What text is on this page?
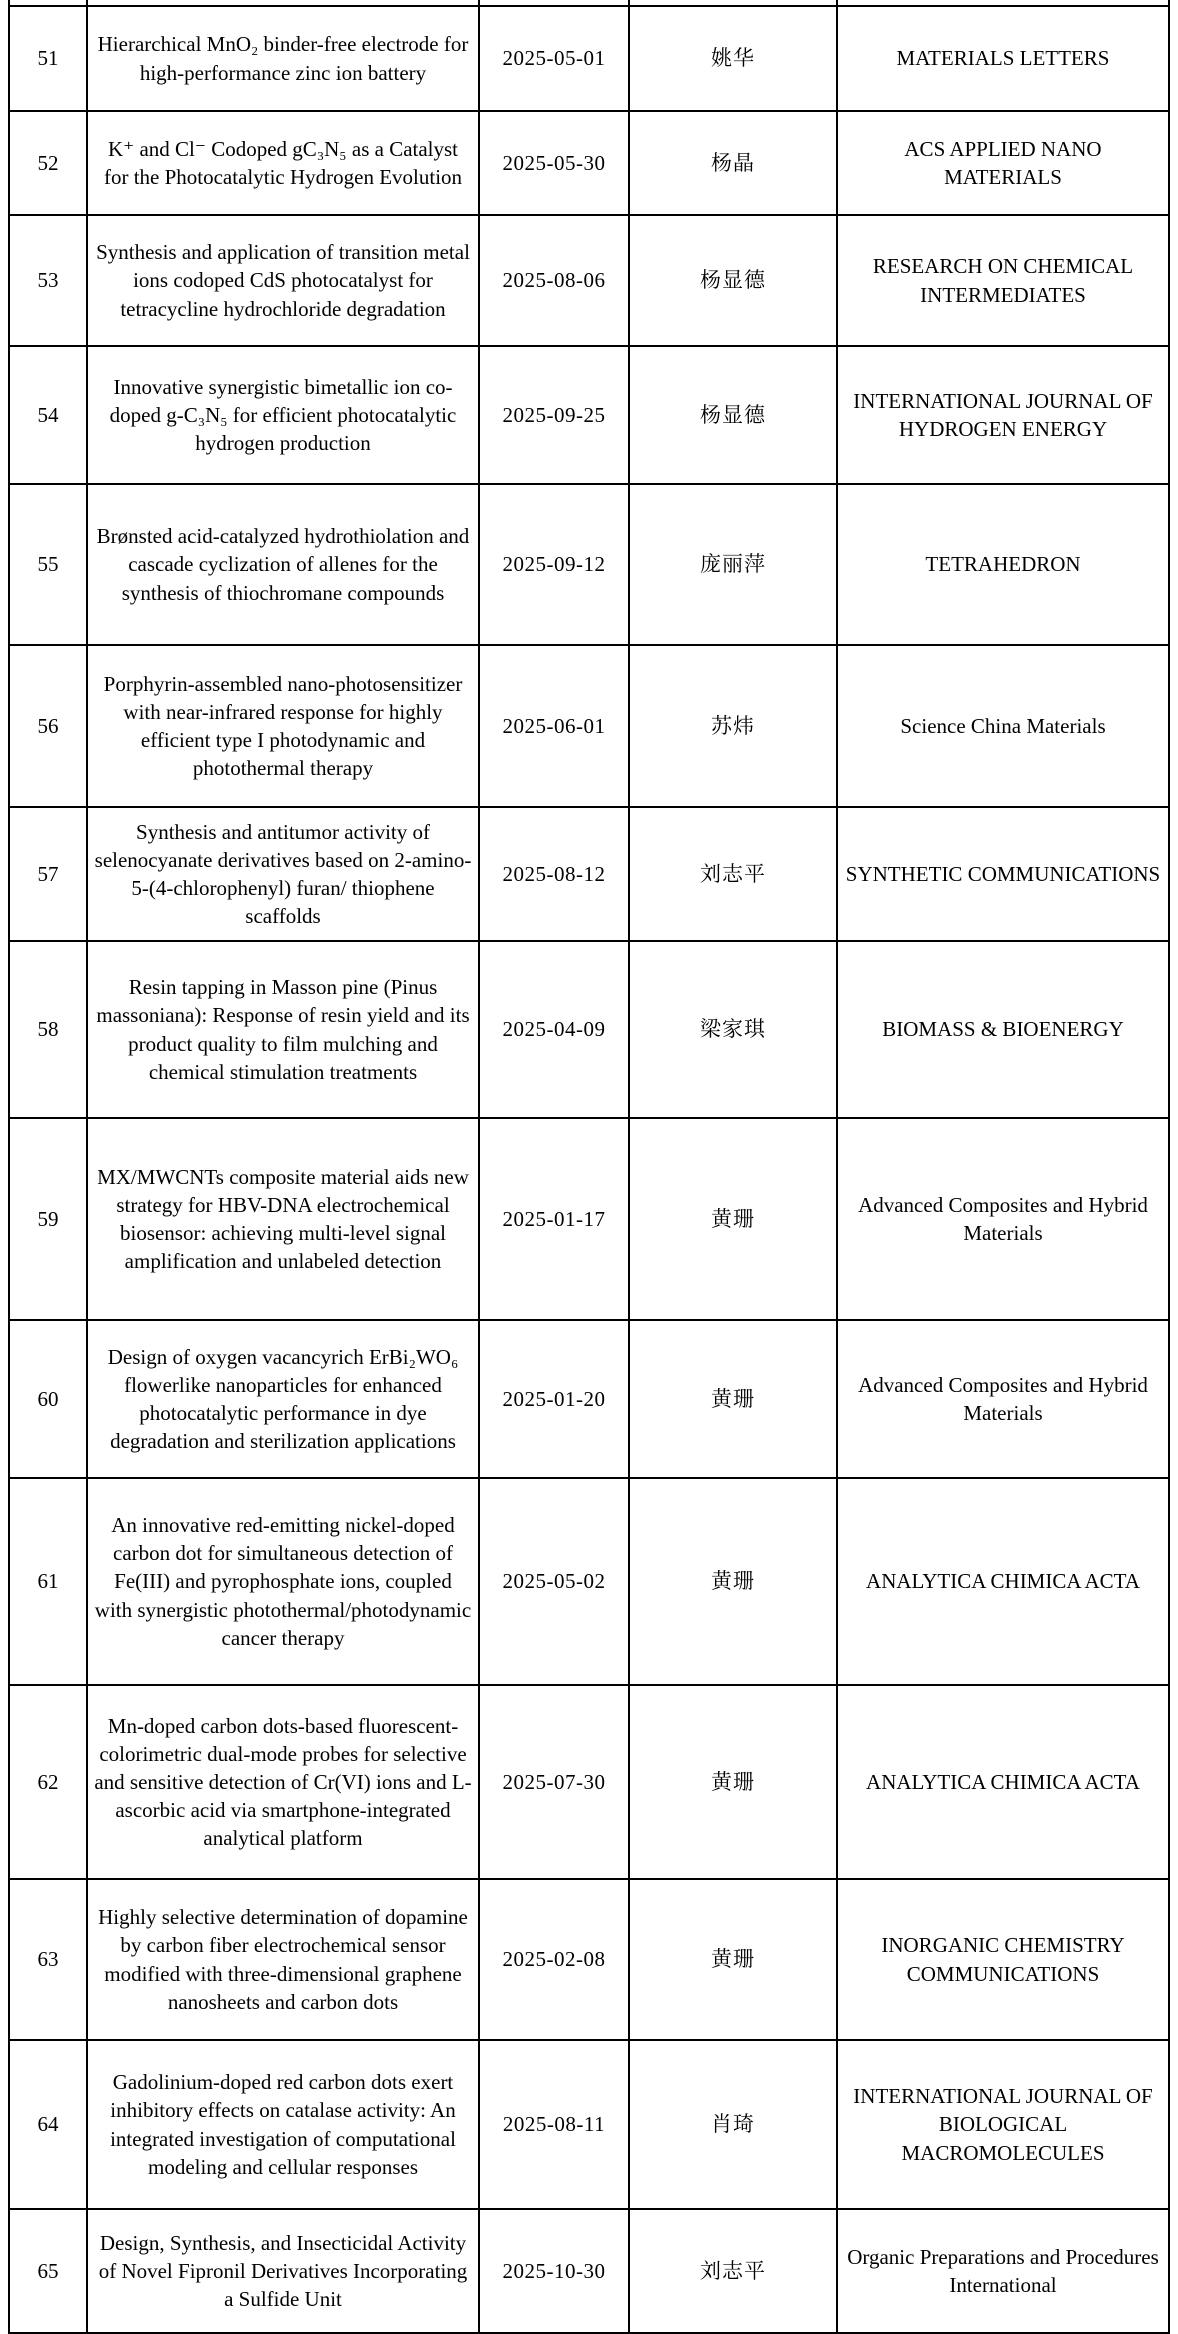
51	Hierarchical MnO₂ binder-free electrode for high-performance zinc ion battery	2025-05-01	姚华	MATERIALS LETTERS
52	K⁺ and Cl⁻ Codoped gC₃N₅ as a Catalyst for the Photocatalytic Hydrogen Evolution	2025-05-30	杨晶	ACS APPLIED NANO MATERIALS
53	Synthesis and application of transition metal ions codoped CdS photocatalyst for tetracycline hydrochloride degradation	2025-08-06	杨显德	RESEARCH ON CHEMICAL INTERMEDIATES
54	Innovative synergistic bimetallic ion co-doped g-C₃N₅ for efficient photocatalytic hydrogen production	2025-09-25	杨显德	INTERNATIONAL JOURNAL OF HYDROGEN ENERGY
55	Brønsted acid-catalyzed hydrothiolation and cascade cyclization of allenes for the synthesis of thiochromane compounds	2025-09-12	庞丽萍	TETRAHEDRON
56	Porphyrin-assembled nano-photosensitizer with near-infrared response for highly efficient type I photodynamic and photothermal therapy	2025-06-01	苏炜	Science China Materials
57	Synthesis and antitumor activity of selenocyanate derivatives based on 2-amino-5-(4-chlorophenyl) furan/ thiophene scaffolds	2025-08-12	刘志平	SYNTHETIC COMMUNICATIONS
58	Resin tapping in Masson pine (Pinus massoniana): Response of resin yield and its product quality to film mulching and chemical stimulation treatments	2025-04-09	梁家琪	BIOMASS & BIOENERGY
59	MX/MWCNTs composite material aids new strategy for HBV-DNA electrochemical biosensor: achieving multi-level signal amplification and unlabeled detection	2025-01-17	黄珊	Advanced Composites and Hybrid Materials
60	Design of oxygen vacancyrich ErBi₂WO₆ flowerlike nanoparticles for enhanced photocatalytic performance in dye degradation and sterilization applications	2025-01-20	黄珊	Advanced Composites and Hybrid Materials
61	An innovative red-emitting nickel-doped carbon dot for simultaneous detection of Fe(III) and pyrophosphate ions, coupled with synergistic photothermal/photodynamic cancer therapy	2025-05-02	黄珊	ANALYTICA CHIMICA ACTA
62	Mn-doped carbon dots-based fluorescent-colorimetric dual-mode probes for selective and sensitive detection of Cr(VI) ions and L-ascorbic acid via smartphone-integrated analytical platform	2025-07-30	黄珊	ANALYTICA CHIMICA ACTA
63	Highly selective determination of dopamine by carbon fiber electrochemical sensor modified with three-dimensional graphene nanosheets and carbon dots	2025-02-08	黄珊	INORGANIC CHEMISTRY COMMUNICATIONS
64	Gadolinium-doped red carbon dots exert inhibitory effects on catalase activity: An integrated investigation of computational modeling and cellular responses	2025-08-11	肖琦	INTERNATIONAL JOURNAL OF BIOLOGICAL MACROMOLECULES
65	Design, Synthesis, and Insecticidal Activity of Novel Fipronil Derivatives Incorporating a Sulfide Unit	2025-10-30	刘志平	Organic Preparations and Procedures International
